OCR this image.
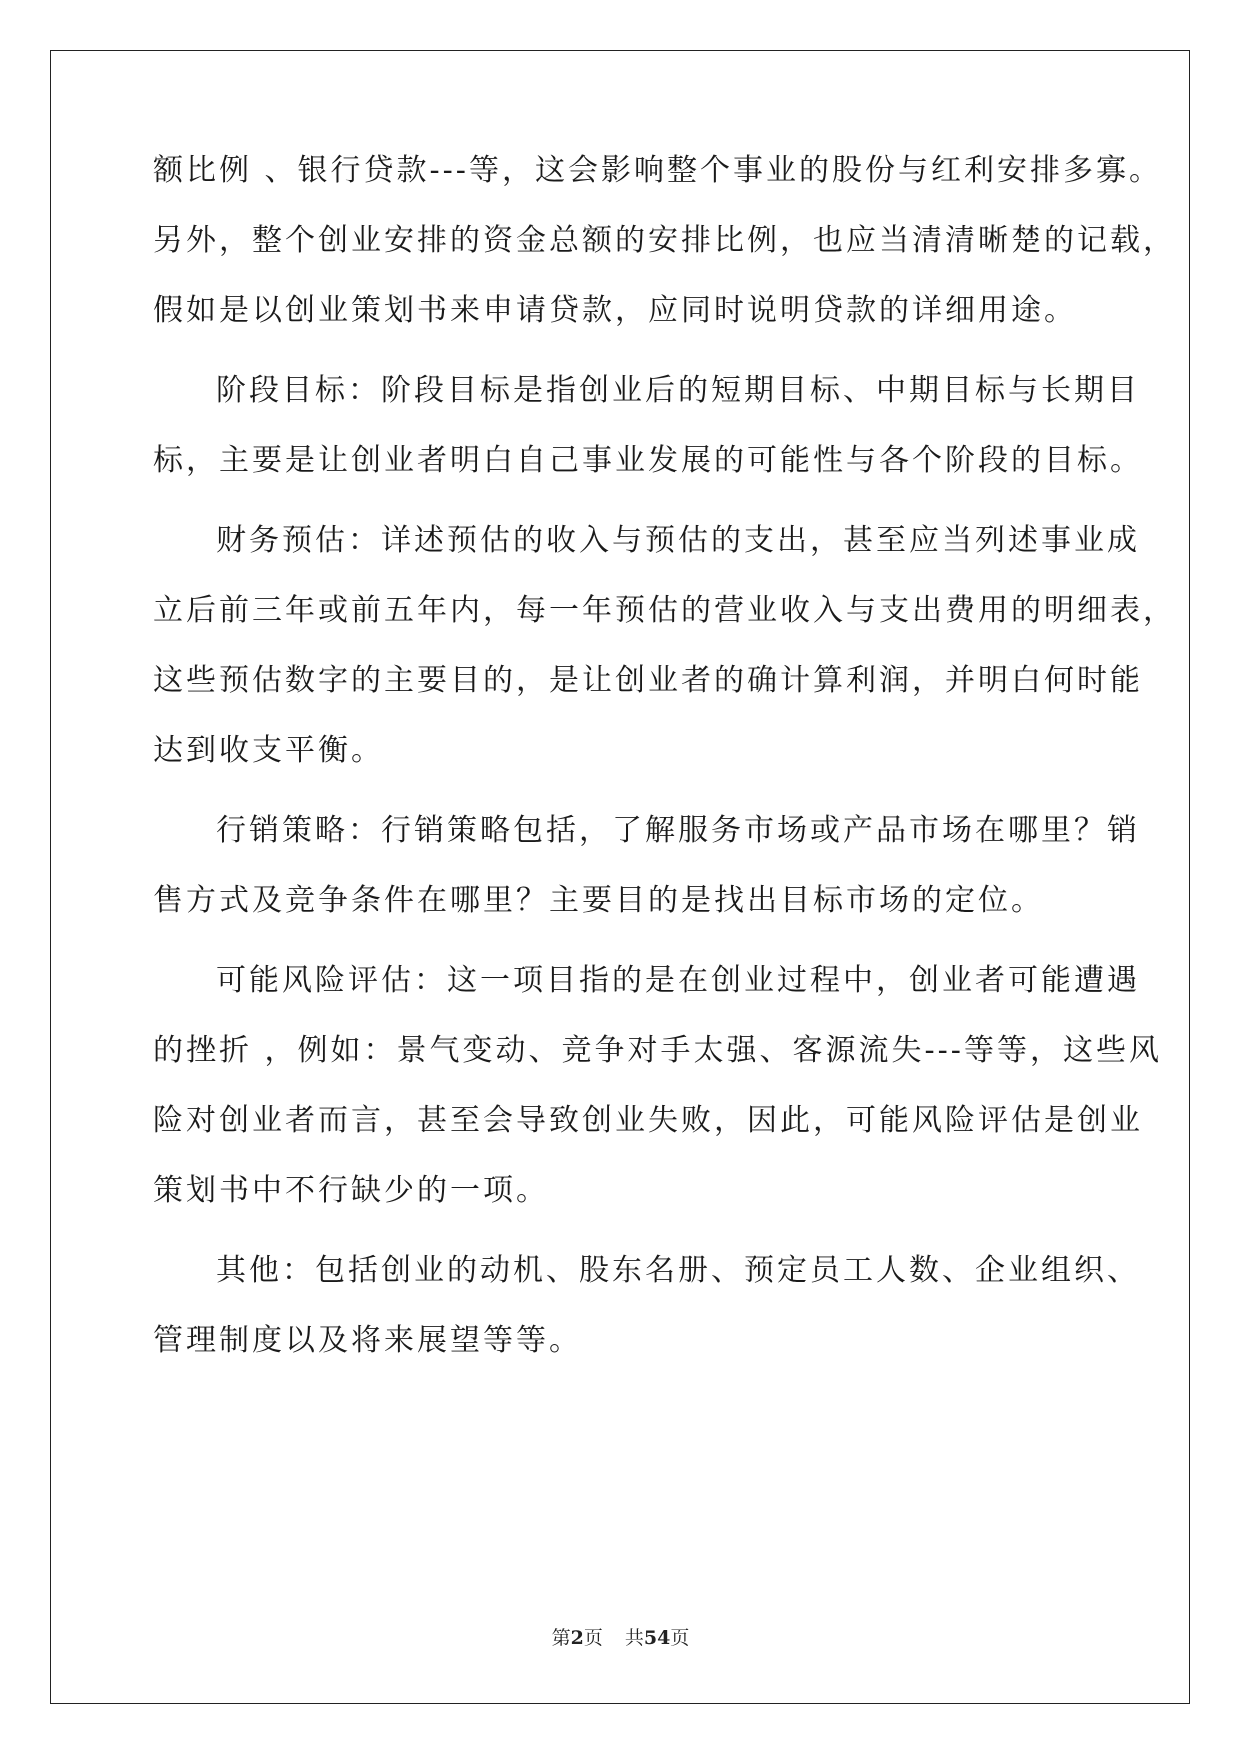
额比例 、银行贷款---等，这会影响整个事业的股份与红利安排多寡。
另外，整个创业安排的资金总额的安排比例，也应当清清晰楚的记载，
假如是以创业策划书来申请贷款，应同时说明贷款的详细用途。
阶段目标：阶段目标是指创业后的短期目标、中期目标与长期目
标，主要是让创业者明白自己事业发展的可能性与各个阶段的目标。
财务预估：详述预估的收入与预估的支出，甚至应当列述事业成
立后前三年或前五年内，每一年预估的营业收入与支出费用的明细表，
这些预估数字的主要目的，是让创业者的确计算利润，并明白何时能
达到收支平衡。
行销策略：行销策略包括，了解服务市场或产品市场在哪里？销
售方式及竞争条件在哪里？主要目的是找出目标市场的定位。
可能风险评估：这一项目指的是在创业过程中，创业者可能遭遇
的挫折 ，例如：景气变动、竞争对手太强、客源流失---等等，这些风
险对创业者而言，甚至会导致创业失败，因此，可能风险评估是创业
策划书中不行缺少的一项。
其他：包括创业的动机、股东名册、预定员工人数、企业组织、
管理制度以及将来展望等等。
第2页 共54页
